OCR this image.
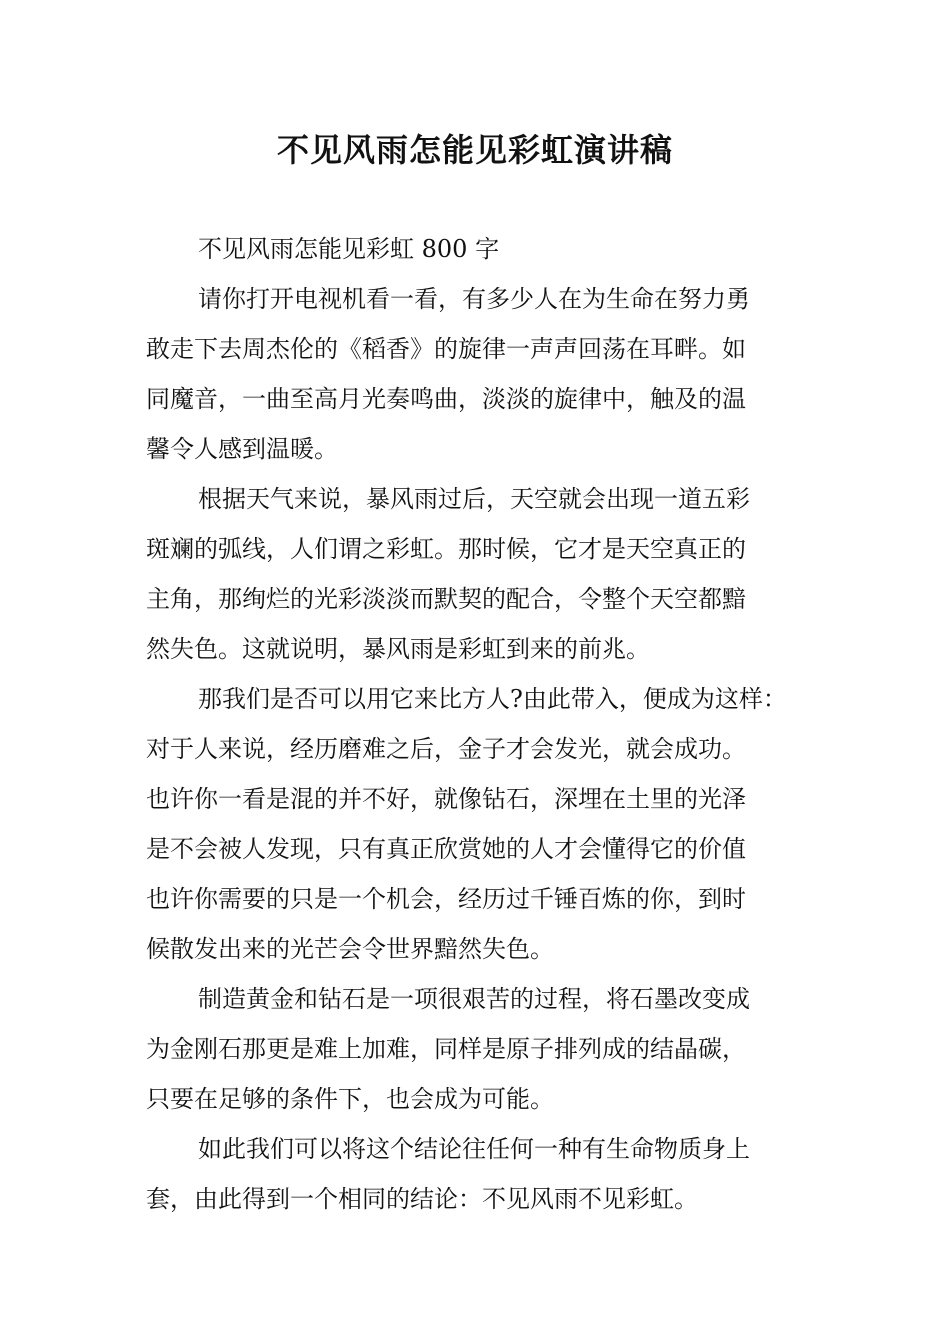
不见风雨怎能见彩虹演讲稿

不见风雨怎能见彩虹 800 字

请你打开电视机看一看，有多少人在为生命在努力勇
敢走下去周杰伦的《稻香》的旋律一声声回荡在耳畔。如
同魔音，一曲至高月光奏鸣曲，淡淡的旋律中，触及的温
馨令人感到温暖。

根据天气来说，暴风雨过后，天空就会出现一道五彩
斑斓的弧线，人们谓之彩虹。那时候，它才是天空真正的
主角，那绚烂的光彩淡淡而默契的配合，令整个天空都黯
然失色。这就说明，暴风雨是彩虹到来的前兆。

那我们是否可以用它来比方人?由此带入，便成为这样：
对于人来说，经历磨难之后，金子才会发光，就会成功。
也许你一看是混的并不好，就像钻石，深埋在土里的光泽
是不会被人发现，只有真正欣赏她的人才会懂得它的价值
也许你需要的只是一个机会，经历过千锤百炼的你，到时
候散发出来的光芒会令世界黯然失色。

制造黄金和钻石是一项很艰苦的过程，将石墨改变成
为金刚石那更是难上加难，同样是原子排列成的结晶碳，
只要在足够的条件下，也会成为可能。

如此我们可以将这个结论往任何一种有生命物质身上
套，由此得到一个相同的结论：不见风雨不见彩虹。
